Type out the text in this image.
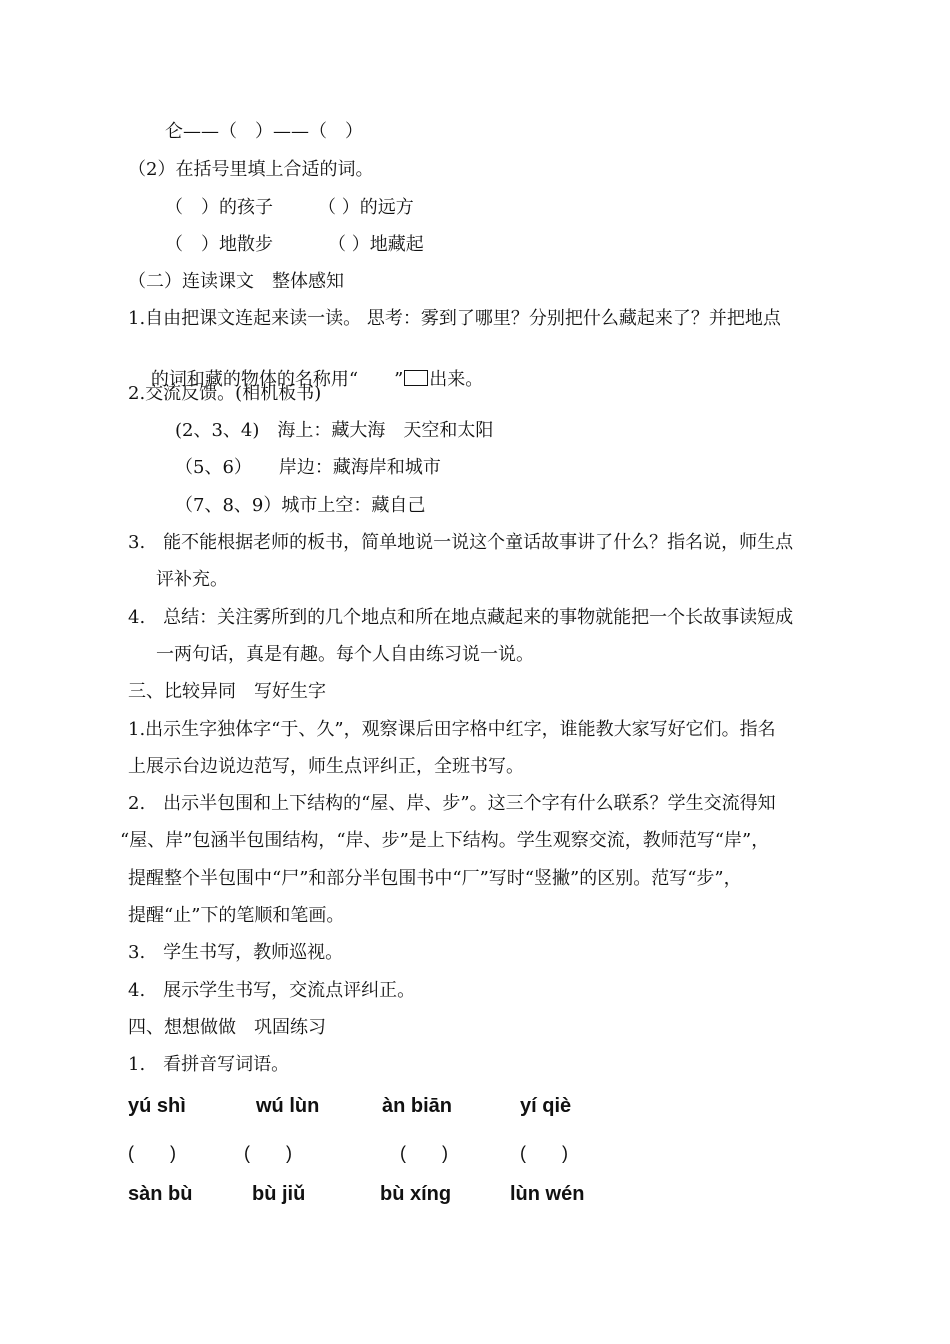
仑——（　）——（　）
（2）在括号里填上合适的词。
（　）的孩子	（ ）的远方
（　）地散步	（ ）地藏起
（二）连读课文　整体感知
1.自由把课文连起来读一读。 思考：雾到了哪里？分别把什么藏起来了？并把地点

的词和藏的物体的名称用“　　” 出来。

2.交流反馈。(相机板书)
(2、3、4)　海上：藏大海　天空和太阳
（5、6）　　岸边：藏海岸和城市
（7、8、9）城市上空：藏自己
3.　能不能根据老师的板书，简单地说一说这个童话故事讲了什么？指名说，师生点
评补充。
4.　总结：关注雾所到的几个地点和所在地点藏起来的事物就能把一个长故事读短成
一两句话，真是有趣。每个人自由练习说一说。
三、比较异同　写好生字
1.出示生字独体字“于、久”，观察课后田字格中红字，谁能教大家写好它们。指名
上展示台边说边范写，师生点评纠正，全班书写。
2.　出示半包围和上下结构的“屋、岸、步”。这三个字有什么联系？学生交流得知
“屋、岸”包涵半包围结构，“岸、步”是上下结构。学生观察交流，教师范写“岸”，
提醒整个半包围中“尸”和部分半包围书中“厂”写时“竖撇”的区别。范写“步”，
提醒“止”下的笔顺和笔画。
3.　学生书写，教师巡视。
4.　展示学生书写，交流点评纠正。
四、想想做做　巩固练习
1.　看拼音写词语。
yú shì	wú lùn	àn biān	yí qiè
(　　)	(　　)	(　　)	(　　)
sàn bù	bù jiǔ	bù xíng	lùn wén
